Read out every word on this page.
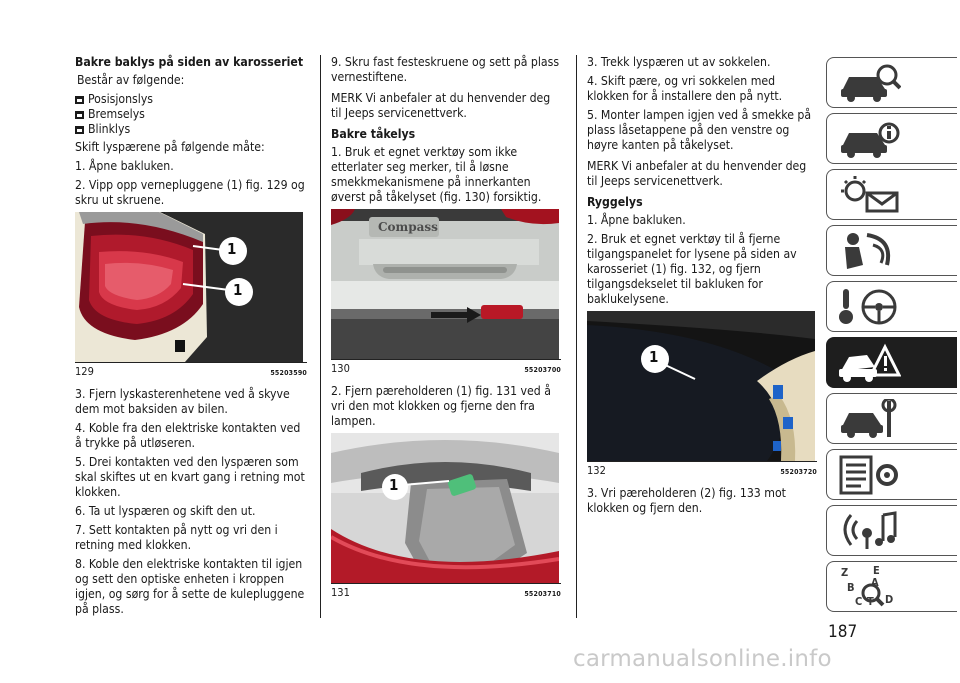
Bakre baklys på siden av karosseriet
Består av følgende:
Posisjonslys
Bremselys
Blinklys
Skift lyspærene på følgende måte:
1. Åpne bakluken.
2. Vipp opp vernepluggene (1) fig. 129 og skru ut skruene.
1
1
129	55203590
3. Fjern lyskasterenhetene ved å skyve dem mot baksiden av bilen.
4. Koble fra den elektriske kontakten ved å trykke på utløseren.
5. Drei kontakten ved den lyspæren som skal skiftes ut en kvart gang i retning mot klokken.
6. Ta ut lyspæren og skift den ut.
7. Sett kontakten på nytt og vri den i retning med klokken.
8. Koble den elektriske kontakten til igjen og sett den optiske enheten i kroppen igjen, og sørg for å sette de kulepluggene på plass.
9. Skru fast festeskruene og sett på plass vernestiftene.
MERK Vi anbefaler at du henvender deg til Jeeps servicenettverk.
Bakre tåkelys
1. Bruk et egnet verktøy som ikke etterlater seg merker, til å løsne smekkmekanismene på innerkanten øverst på tåkelyset (fig. 130) forsiktig.
Compass
130	55203700
2. Fjern pæreholderen (1) fig. 131 ved å vri den mot klokken og fjerne den fra lampen.
1
131	55203710
3. Trekk lyspæren ut av sokkelen.
4. Skift pære, og vri sokkelen med klokken for å installere den på nytt.
5. Monter lampen igjen ved å smekke på plass låsetappene på den venstre og høyre kanten på tåkelyset.
MERK Vi anbefaler at du henvender deg til Jeeps servicenettverk.
Ryggelys
1. Åpne bakluken.
2. Bruk et egnet verktøy til å fjerne tilgangspanelet for lysene på siden av karosseriet (1) fig. 132, og fjern tilgangsdekselet til bakluken for baklukelysene.
1
132	55203720
3. Vri pæreholderen (2) fig. 133 mot klokken og fjern den.
Z E
B A
C D
T
187
carmanualsonline.info
